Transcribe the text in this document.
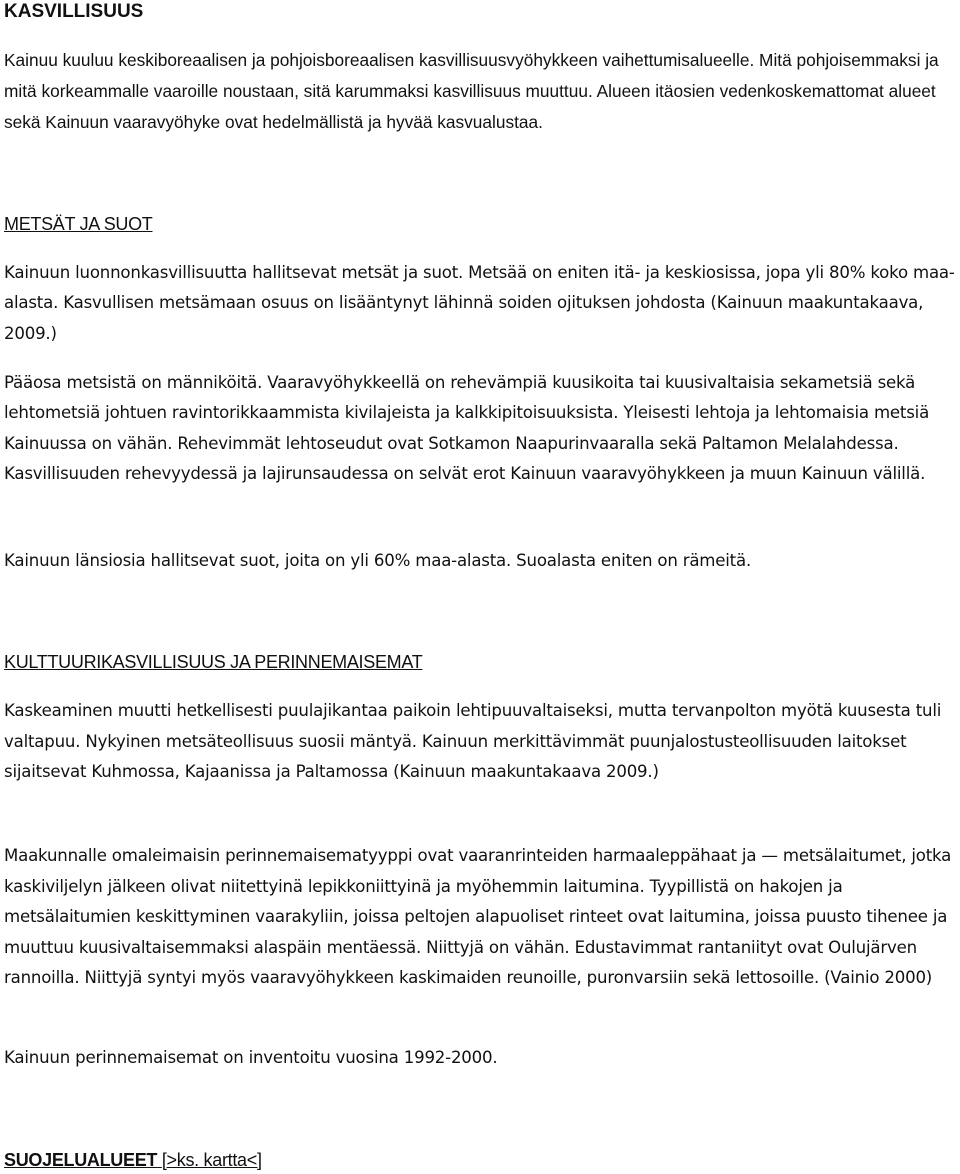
KASVILLISUUS

Kainuu kuuluu keskiboreaalisen ja pohjoisboreaalisen kasvillisuusvyöhykkeen vaihettumisalueelle. Mitä pohjoisemmaksi ja mitä korkeammalle vaaroille noustaan, sitä karummaksi kasvillisuus muuttuu. Alueen itäosien vedenkoskemattomat alueet sekä Kainuun vaaravyöhyke ovat hedelmällistä ja hyvää kasvualustaa.

METSÄT JA SUOT

Kainuun luonnonkasvillisuutta hallitsevat metsät ja suot. Metsää on eniten itä- ja keskiosissa, jopa yli 80% koko maa-alasta. Kasvullisen metsämaan osuus on lisääntynyt lähinnä soiden ojituksen johdosta (Kainuun maakuntakaava, 2009.)

Pääosa metsistä on männiköitä. Vaaravyöhykkeellä on rehevämpiä kuusikoita tai kuusivaltaisia sekametsiä sekä lehtometsiä johtuen ravintorikkaammista kivilajeista ja kalkkipitoisuuksista. Yleisesti lehtoja ja lehtomaisia metsiä Kainuussa on vähän. Rehevimmät lehtoseudut ovat Sotkamon Naapurinvaaralla sekä Paltamon Melalahdessa. Kasvillisuuden rehevyydessä ja lajirunsaudessa on selvät erot Kainuun vaaravyöhykkeen ja muun Kainuun välillä.

Kainuun länsiosia hallitsevat suot, joita on yli 60% maa-alasta. Suoalasta eniten on rämeitä.

KULTTUURIKASVILLISUUS JA PERINNEMAISEMAT

Kaskeaminen muutti hetkellisesti puulajikantaa paikoin lehtipuuvaltaiseksi, mutta tervanpolton myötä kuusesta tuli valtapuu. Nykyinen metsäteollisuus suosii mäntyä. Kainuun merkittävimmät puunjalostusteollisuuden laitokset sijaitsevat Kuhmossa, Kajaanissa ja Paltamossa (Kainuun maakuntakaava 2009.)

Maakunnalle omaleimaisin perinnemaisematyyppi ovat vaaranrinteiden harmaaleppähaat ja — metsälaitumet, jotka kaskiviljelyn jälkeen olivat niitettyinä lepikkoniittyinä ja myöhemmin laitumina. Tyypillistä on hakojen ja metsälaitumien keskittyminen vaarakyliin, joissa peltojen alapuoliset rinteet ovat laitumina, joissa puusto tihenee ja muuttuu kuusivaltaisemmaksi alaspäin mentäessä. Niittyjä on vähän. Edustavimmat rantaniityt ovat Oulujärven rannoilla. Niittyjä syntyi myös vaaravyöhykkeen kaskimaiden reunoille, puronvarsiin sekä lettosoille. (Vainio 2000)

Kainuun perinnemaisemat on inventoitu vuosina 1992-2000.

SUOJELUALUEET [>ks. kartta<]
